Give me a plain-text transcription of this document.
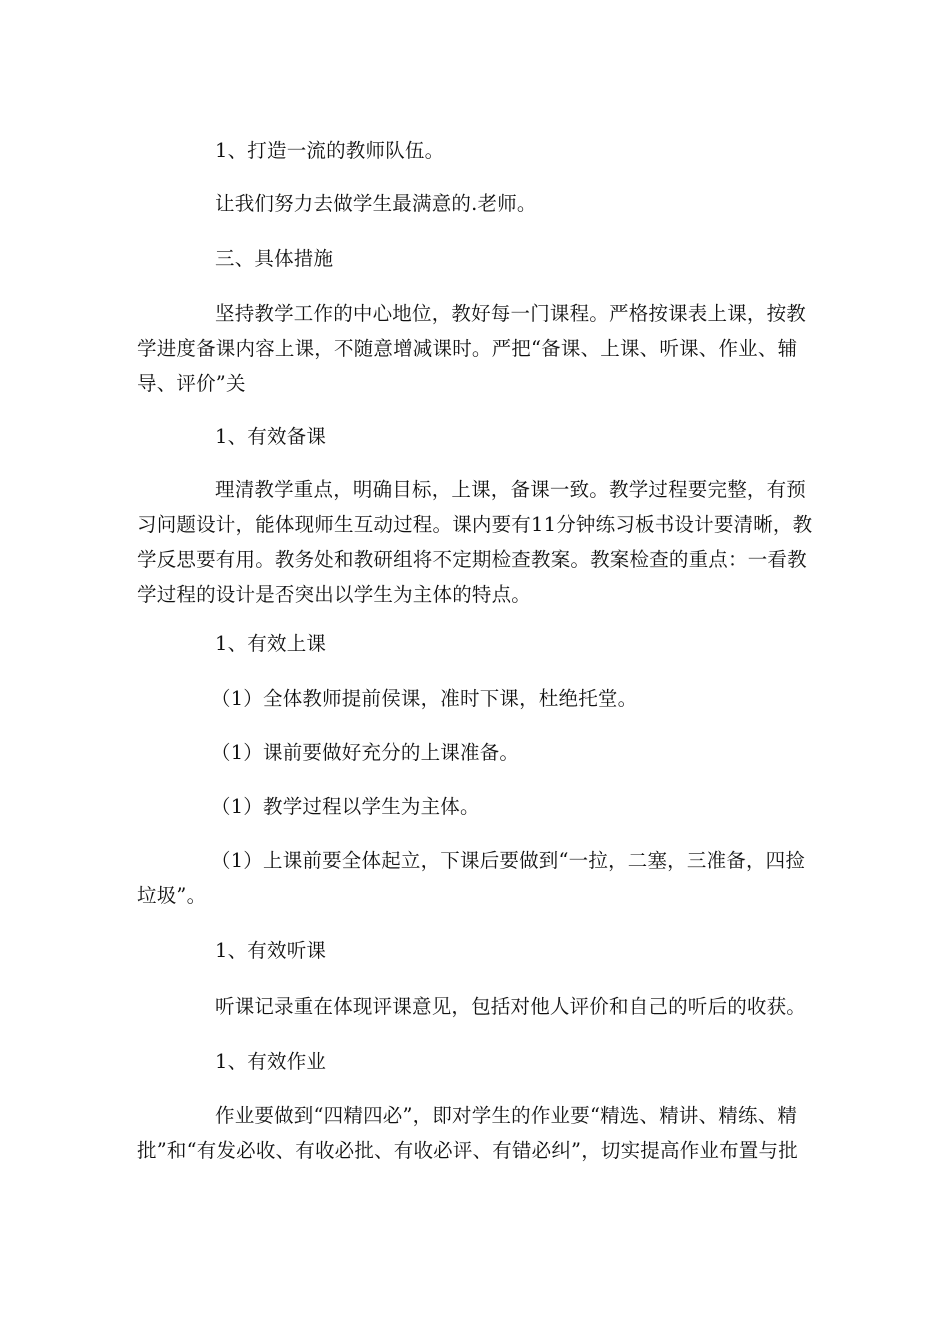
1、打造一流的教师队伍。

让我们努力去做学生最满意的.老师。

三、具体措施

坚持教学工作的中心地位，教好每一门课程。严格按课表上课，按教学进度备课内容上课，不随意增减课时。严把“备课、上课、听课、作业、辅导、评价”关

1、有效备课

理清教学重点，明确目标，上课，备课一致。教学过程要完整，有预习问题设计，能体现师生互动过程。课内要有11分钟练习板书设计要清晰，教学反思要有用。教务处和教研组将不定期检查教案。教案检查的重点：一看教学过程的设计是否突出以学生为主体的特点。

1、有效上课

（1）全体教师提前侯课，准时下课，杜绝托堂。

（1）课前要做好充分的上课准备。

（1）教学过程以学生为主体。

（1）上课前要全体起立，下课后要做到“一拉，二塞，三准备，四捡垃圾”。

1、有效听课

听课记录重在体现评课意见，包括对他人评价和自己的听后的收获。

1、有效作业

作业要做到“四精四必”，即对学生的作业要“精选、精讲、精练、精批”和“有发必收、有收必批、有收必评、有错必纠”，切实提高作业布置与批
